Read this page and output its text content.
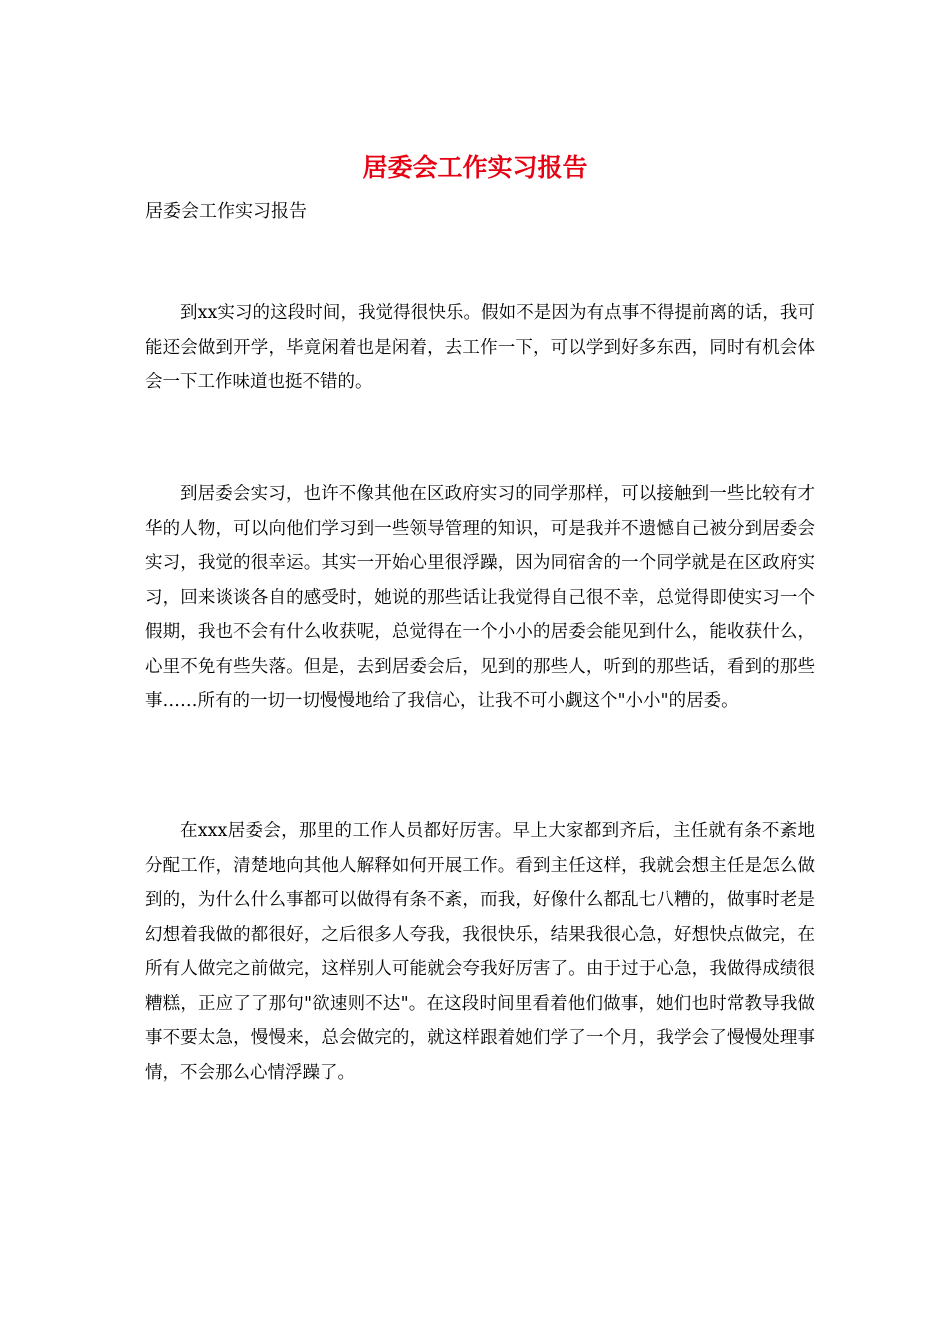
居委会工作实习报告

居委会工作实习报告

到xx实习的这段时间，我觉得很快乐。假如不是因为有点事不得提前离的话，我可能还会做到开学，毕竟闲着也是闲着，去工作一下，可以学到好多东西，同时有机会体会一下工作味道也挺不错的。

到居委会实习，也许不像其他在区政府实习的同学那样，可以接触到一些比较有才华的人物，可以向他们学习到一些领导管理的知识，可是我并不遗憾自己被分到居委会实习，我觉的很幸运。其实一开始心里很浮躁，因为同宿舍的一个同学就是在区政府实习，回来谈谈各自的感受时，她说的那些话让我觉得自己很不幸，总觉得即使实习一个假期，我也不会有什么收获呢，总觉得在一个小小的居委会能见到什么，能收获什么，心里不免有些失落。但是，去到居委会后，见到的那些人，听到的那些话，看到的那些事……所有的一切一切慢慢地给了我信心，让我不可小觑这个"小小"的居委。

在xxx居委会，那里的工作人员都好厉害。早上大家都到齐后，主任就有条不紊地分配工作，清楚地向其他人解释如何开展工作。看到主任这样，我就会想主任是怎么做到的，为什么什么事都可以做得有条不紊，而我，好像什么都乱七八糟的，做事时老是幻想着我做的都很好，之后很多人夸我，我很快乐，结果我很心急，好想快点做完，在所有人做完之前做完，这样别人可能就会夸我好厉害了。由于过于心急，我做得成绩很糟糕，正应了了那句"欲速则不达"。在这段时间里看着他们做事，她们也时常教导我做事不要太急，慢慢来，总会做完的，就这样跟着她们学了一个月，我学会了慢慢处理事情，不会那么心情浮躁了。
